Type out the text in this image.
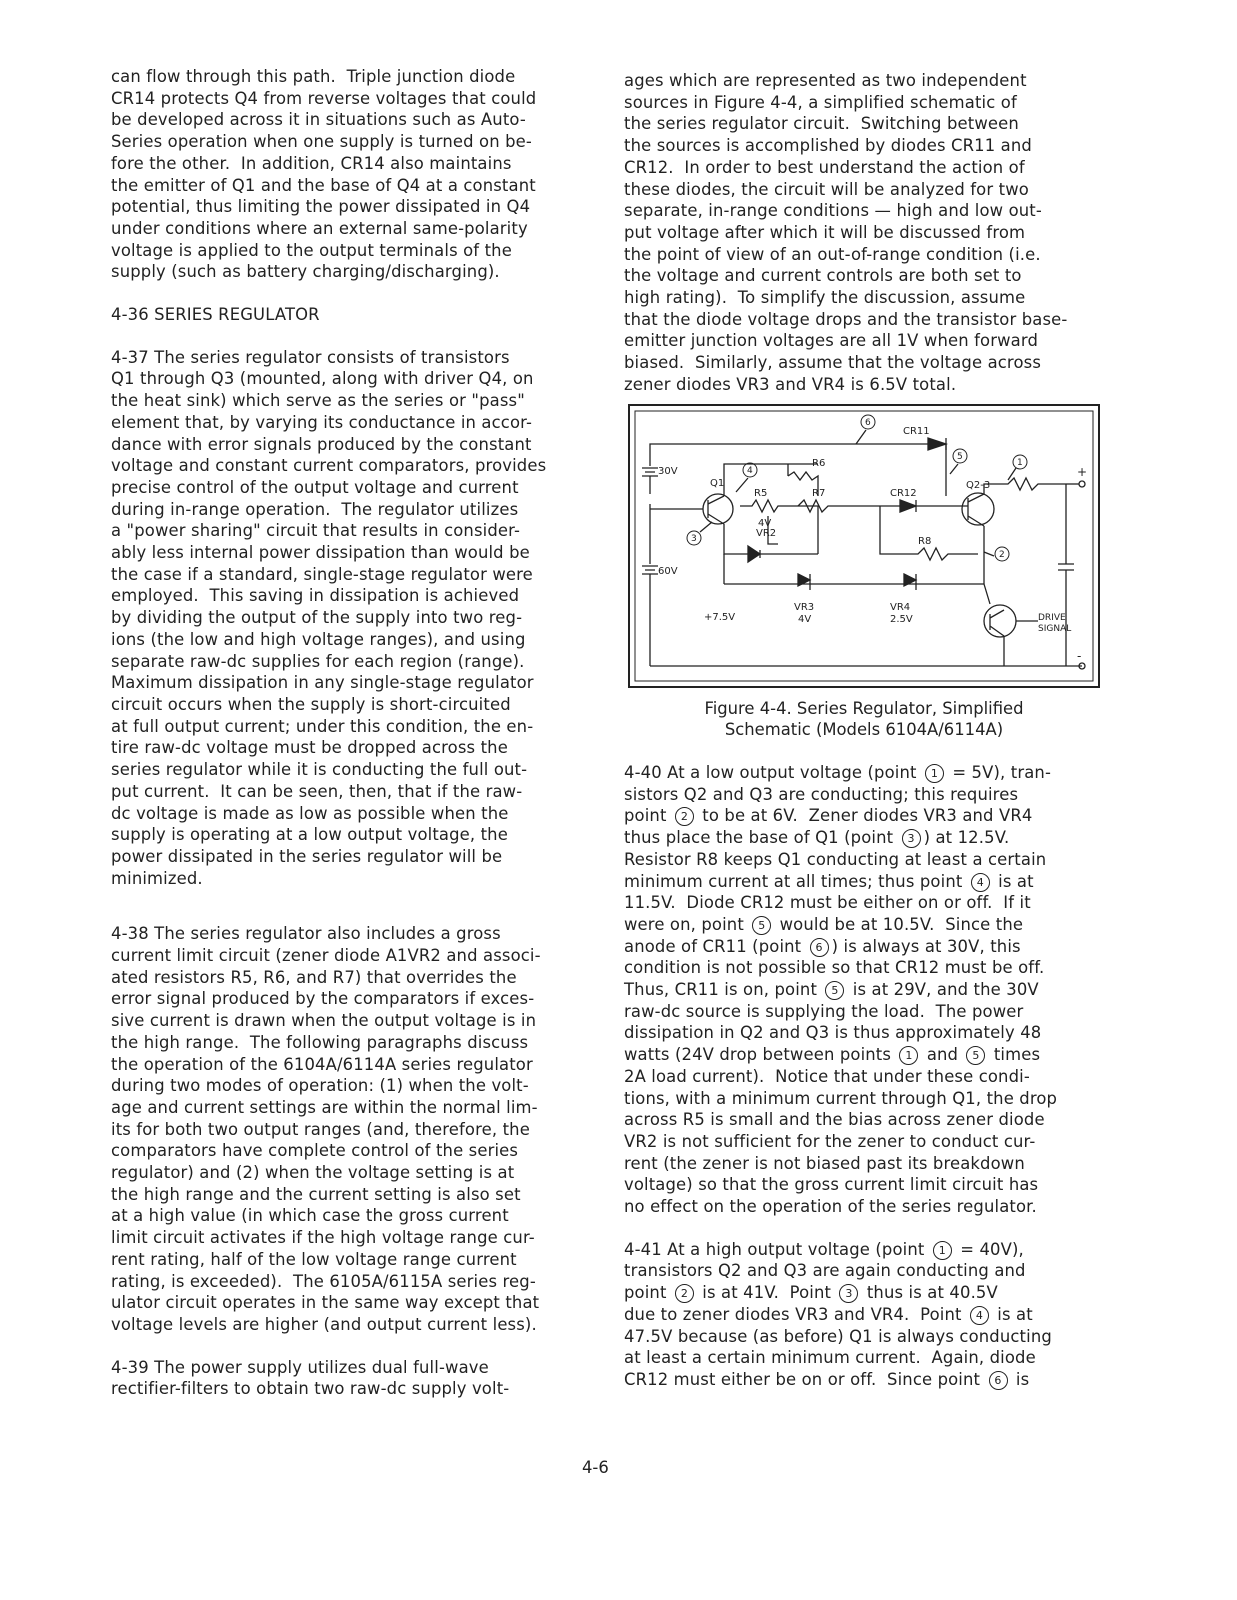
can flow through this path.  Triple junction diode

CR14 protects Q4 from reverse voltages that could

be developed across it in situations such as Auto-

Series operation when one supply is turned on be-

fore the other.  In addition, CR14 also maintains

the emitter of Q1 and the base of Q4 at a constant

potential, thus limiting the power dissipated in Q4

under conditions where an external same-polarity

voltage is applied to the output terminals of the

supply (such as battery charging/discharging).

4-36 SERIES REGULATOR

4-37 The series regulator consists of transistors

Q1 through Q3 (mounted, along with driver Q4, on

the heat sink) which serve as the series or "pass"

element that, by varying its conductance in accor-

dance with error signals produced by the constant

voltage and constant current comparators, provides

precise control of the output voltage and current

during in-range operation.  The regulator utilizes

a "power sharing" circuit that results in consider-

ably less internal power dissipation than would be

the case if a standard, single-stage regulator were

employed.  This saving in dissipation is achieved

by dividing the output of the supply into two reg-

ions (the low and high voltage ranges), and using

separate raw-dc supplies for each region (range).

Maximum dissipation in any single-stage regulator

circuit occurs when the supply is short-circuited

at full output current; under this condition, the en-

tire raw-dc voltage must be dropped across the

series regulator while it is conducting the full out-

put current.  It can be seen, then, that if the raw-

dc voltage is made as low as possible when the

supply is operating at a low output voltage, the

power dissipated in the series regulator will be

minimized.

4-38 The series regulator also includes a gross

current limit circuit (zener diode A1VR2 and associ-

ated resistors R5, R6, and R7) that overrides the

error signal produced by the comparators if exces-

sive current is drawn when the output voltage is in

the high range.  The following paragraphs discuss

the operation of the 6104A/6114A series regulator

during two modes of operation: (1) when the volt-

age and current settings are within the normal lim-

its for both two output ranges (and, therefore, the

comparators have complete control of the series

regulator) and (2) when the voltage setting is at

the high range and the current setting is also set

at a high value (in which case the gross current

limit circuit activates if the high voltage range cur-

rent rating, half of the low voltage range current

rating, is exceeded).  The 6105A/6115A series reg-

ulator circuit operates in the same way except that

voltage levels are higher (and output current less).

4-39 The power supply utilizes dual full-wave

rectifier-filters to obtain two raw-dc supply volt-

ages which are represented as two independent

sources in Figure 4-4, a simplified schematic of

the series regulator circuit.  Switching between

the sources is accomplished by diodes CR11 and

CR12.  In order to best understand the action of

these diodes, the circuit will be analyzed for two

separate, in-range conditions — high and low out-

put voltage after which it will be discussed from

the point of view of an out-of-range condition (i.e.

the voltage and current controls are both set to

high rating).  To simplify the discussion, assume

that the diode voltage drops and the transistor base-

emitter junction voltages are all 1V when forward

biased.  Similarly, assume that the voltage across

zener diodes VR3 and VR4 is 6.5V total.

30V
60V
Q1	Q2-3
R5
R6
R7
R8
CR11
CR12
4V
VR2
+7.5V
VR3
4V
VR4
2.5V	DRIVE
SIGNAL
+
-
6
5
1
4
3
2

Figure 4-4. Series Regulator, Simplified

Schematic (Models 6104A/6114A)

4-40 At a low output voltage (point 1 = 5V), tran-

sistors Q2 and Q3 are conducting; this requires

point 2 to be at 6V.  Zener diodes VR3 and VR4

thus place the base of Q1 (point 3 ) at 12.5V.

Resistor R8 keeps Q1 conducting at least a certain

minimum current at all times; thus point 4 is at

11.5V.  Diode CR12 must be either on or off.  If it

were on, point 5 would be at 10.5V.  Since the

anode of CR11 (point 6 ) is always at 30V, this

condition is not possible so that CR12 must be off.

Thus, CR11 is on, point 5 is at 29V, and the 30V

raw-dc source is supplying the load.  The power

dissipation in Q2 and Q3 is thus approximately 48

watts (24V drop between points 1 and 5 times

2A load current).  Notice that under these condi-

tions, with a minimum current through Q1, the drop

across R5 is small and the bias across zener diode

VR2 is not sufficient for the zener to conduct cur-

rent (the zener is not biased past its breakdown

voltage) so that the gross current limit circuit has

no effect on the operation of the series regulator.

4-41 At a high output voltage (point 1 = 40V),

transistors Q2 and Q3 are again conducting and

point 2 is at 41V.  Point 3 thus is at 40.5V

due to zener diodes VR3 and VR4.  Point 4 is at

47.5V because (as before) Q1 is always conducting

at least a certain minimum current.  Again, diode

CR12 must either be on or off.  Since point 6 is

4-6
